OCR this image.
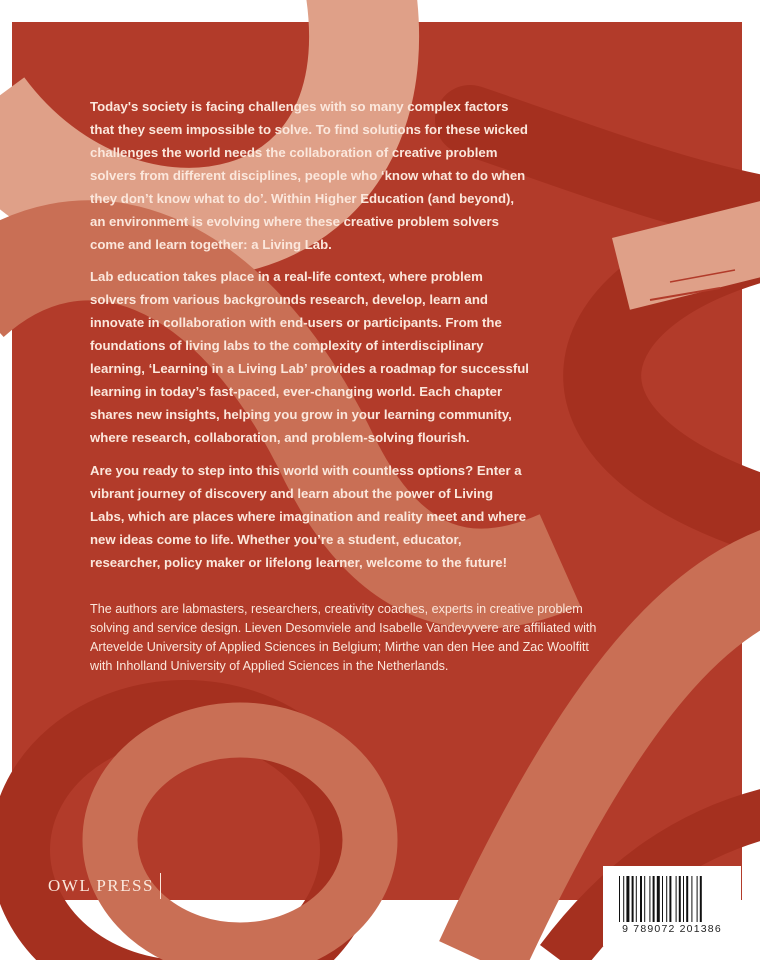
Today's society is facing challenges with so many complex factors that they seem impossible to solve. To find solutions for these wicked challenges the world needs the collaboration of creative problem solvers from different disciplines, people who ‘know what to do when they don’t know what to do’. Within Higher Education (and beyond), an environment is evolving where these creative problem solvers come and learn together: a Living Lab.

Lab education takes place in a real-life context, where problem solvers from various backgrounds research, develop, learn and innovate in collaboration with end-users or participants. From the foundations of living labs to the complexity of interdisciplinary learning, ‘Learning in a Living Lab’ provides a roadmap for successful learning in today’s fast-paced, ever-changing world. Each chapter shares new insights, helping you grow in your learning community, where research, collaboration, and problem-solving flourish.

Are you ready to step into this world with countless options? Enter a vibrant journey of discovery and learn about the power of Living Labs, which are places where imagination and reality meet and where new ideas come to life. Whether you’re a student, educator, researcher, policy maker or lifelong learner, welcome to the future!

The authors are labmasters, researchers, creativity coaches, experts in creative problem solving and service design. Lieven Desomviele and Isabelle Vandevyvere are affiliated with Artevelde University of Applied Sciences in Belgium; Mirthe van den Hee and Zac Woolfitt with Inholland University of Applied Sciences in the Netherlands.

OWL PRESS
9 789072 201386
